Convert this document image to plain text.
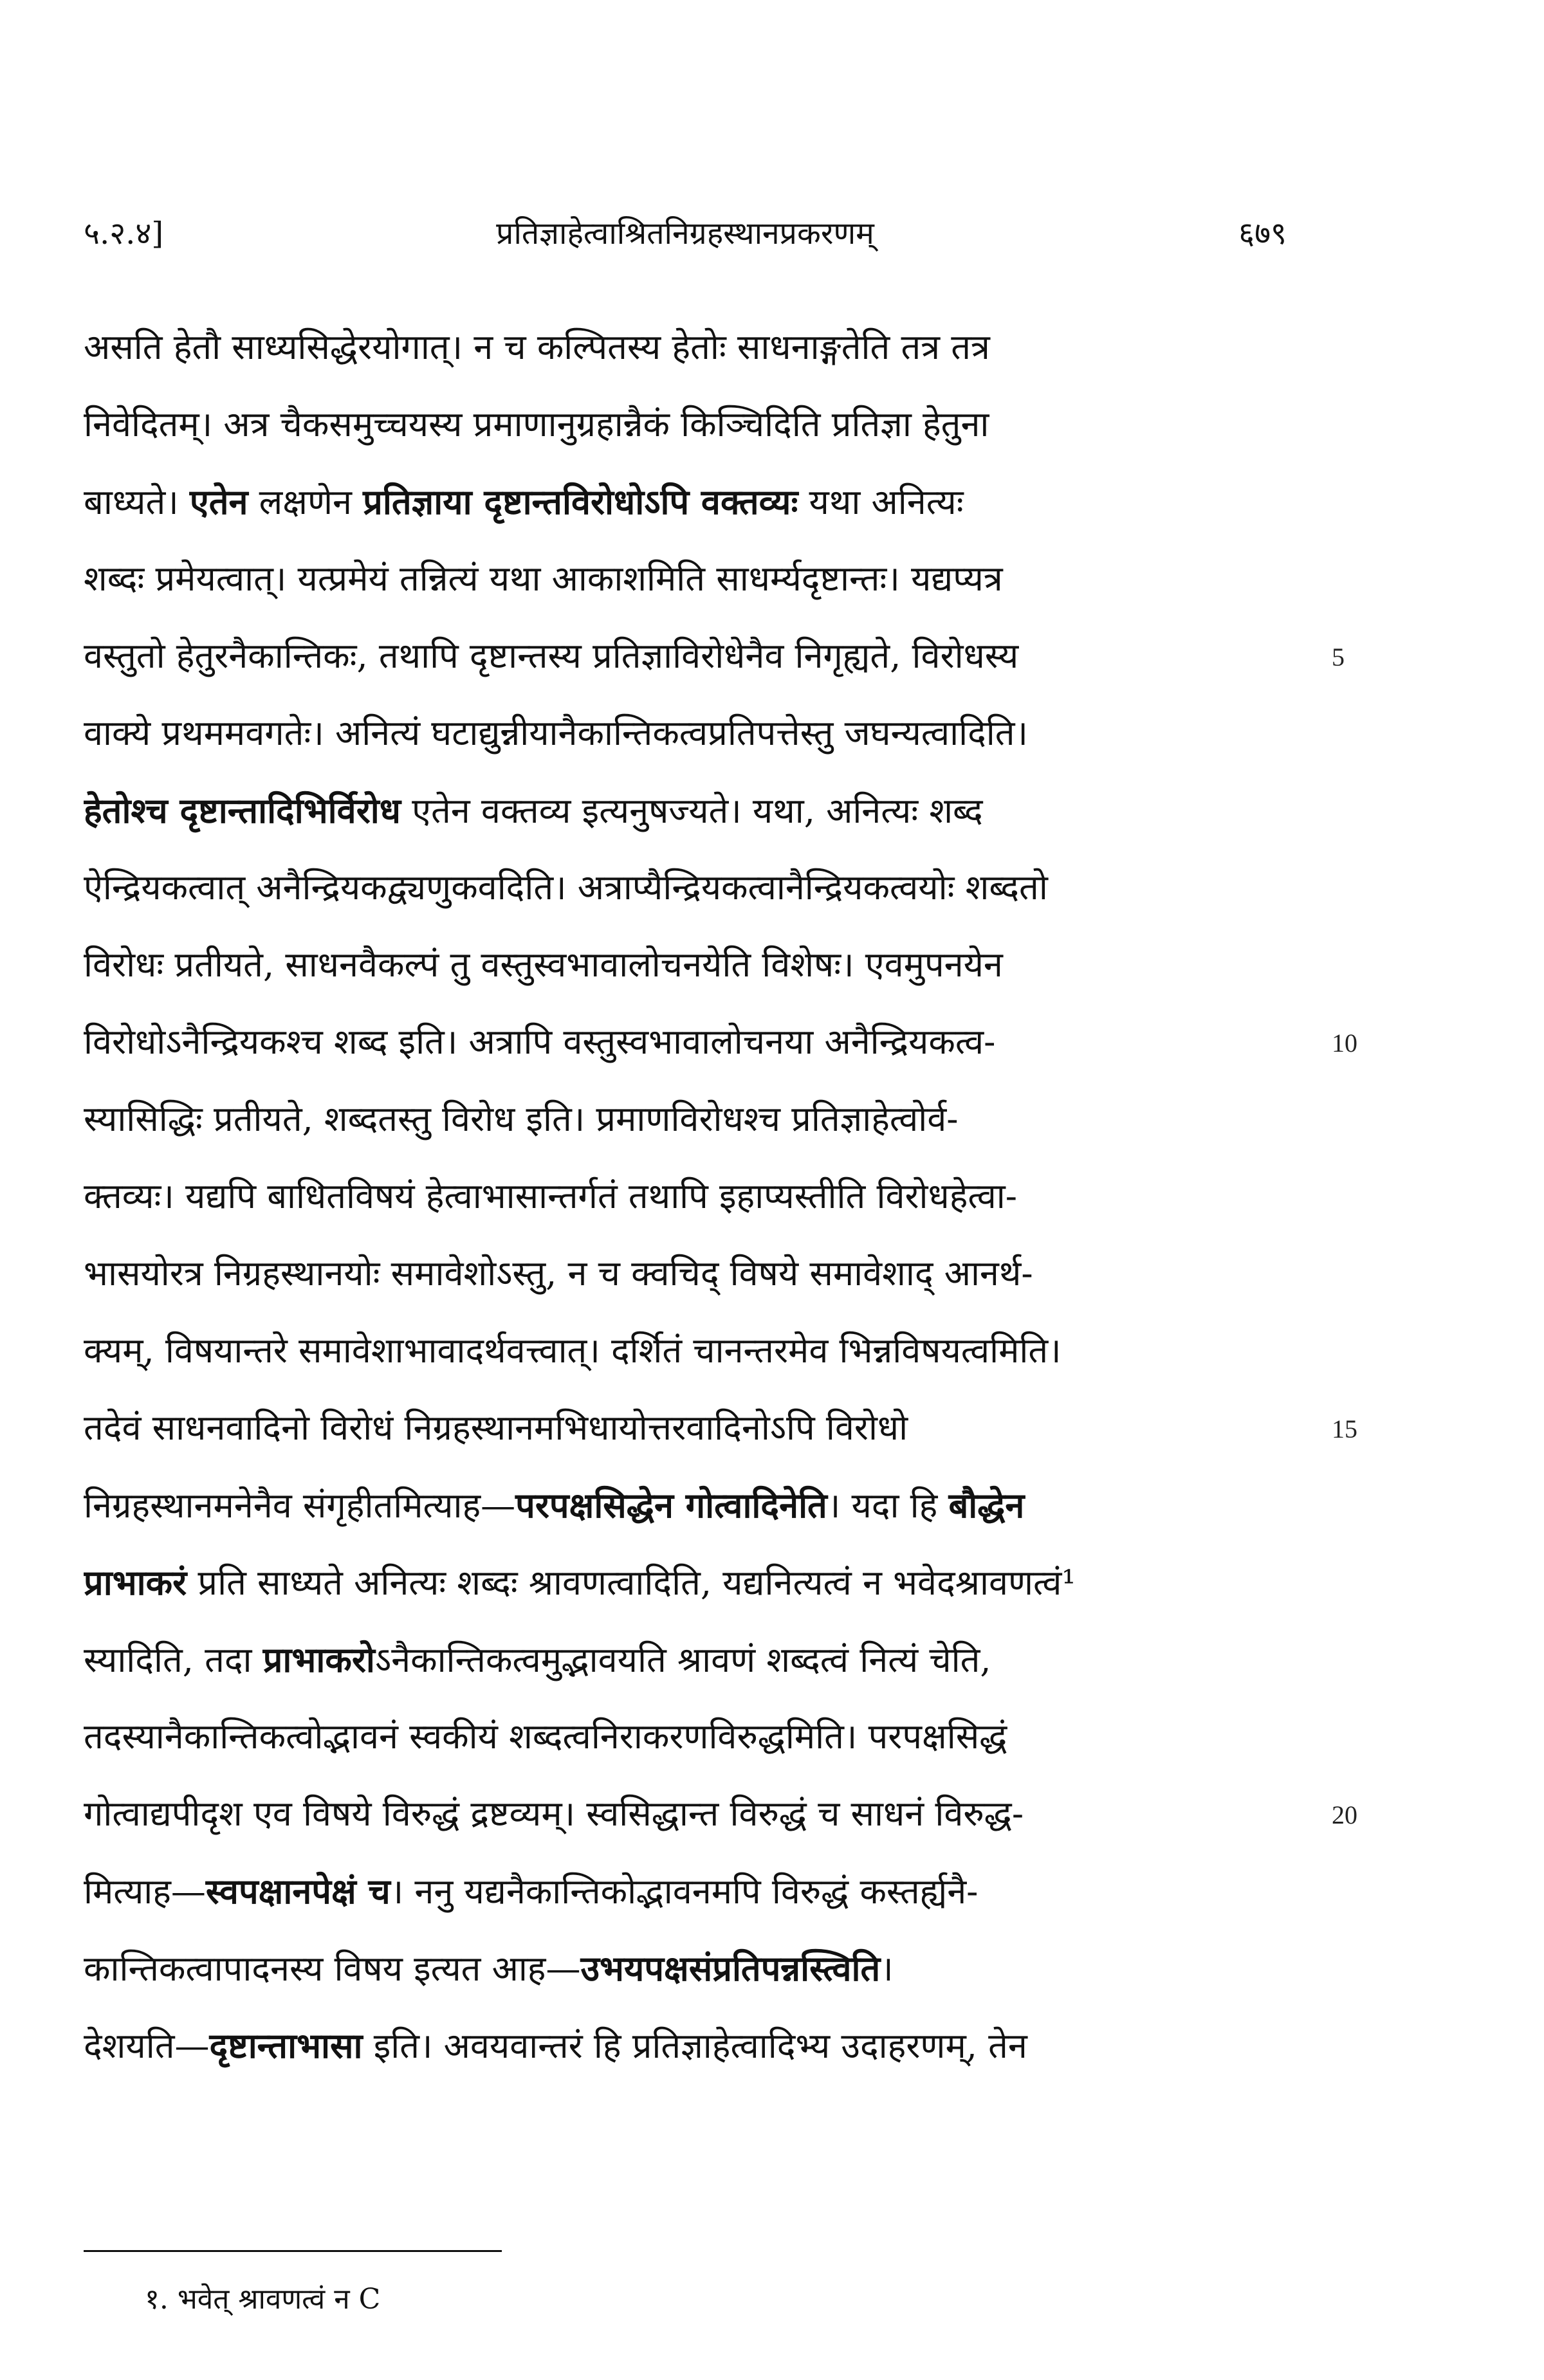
५.२.४]	प्रतिज्ञाहेत्वाश्रितनिग्रहस्थानप्रकरणम्	६७९
असति हेतौ साध्यसिद्धेरयोगात्। न च कल्पितस्य हेतोः साधनाङ्गतेति तत्र तत्र
निवेदितम्। अत्र चैकसमुच्चयस्य प्रमाणानुग्रहान्नैकं किञ्चिदिति प्रतिज्ञा हेतुना
बाध्यते। एतेन लक्षणेन प्रतिज्ञाया दृष्टान्तविरोधोऽपि वक्तव्यः यथा अनित्यः
शब्दः प्रमेयत्वात्। यत्प्रमेयं तन्नित्यं यथा आकाशमिति साधर्म्यदृष्टान्तः। यद्यप्यत्र
वस्तुतो हेतुरनैकान्तिकः, तथापि दृष्टान्तस्य प्रतिज्ञाविरोधेनैव निगृह्यते, विरोधस्य
वाक्ये प्रथममवगतेः। अनित्यं घटाद्युन्नीयानैकान्तिकत्वप्रतिपत्तेस्तु जघन्यत्वादिति।
हेतोश्च दृष्टान्तादिभिर्विरोध एतेन वक्तव्य इत्यनुषज्यते। यथा, अनित्यः शब्द
ऐन्द्रियकत्वात् अनैन्द्रियकद्व्यणुकवदिति। अत्राप्यैन्द्रियकत्वानैन्द्रियकत्वयोः शब्दतो
विरोधः प्रतीयते, साधनवैकल्पं तु वस्तुस्वभावालोचनयेति विशेषः। एवमुपनयेन
विरोधोऽनैन्द्रियकश्च शब्द इति। अत्रापि वस्तुस्वभावालोचनया अनैन्द्रियकत्व-
स्यासिद्धिः प्रतीयते, शब्दतस्तु विरोध इति। प्रमाणविरोधश्च प्रतिज्ञाहेत्वोर्व-
क्तव्यः। यद्यपि बाधितविषयं हेत्वाभासान्तर्गतं तथापि इहाप्यस्तीति विरोधहेत्वा-
भासयोरत्र निग्रहस्थानयोः समावेशोऽस्तु, न च क्वचिद् विषये समावेशाद् आनर्थ-
क्यम्, विषयान्तरे समावेशाभावादर्थवत्त्वात्। दर्शितं चानन्तरमेव भिन्नविषयत्वमिति।
तदेवं साधनवादिनो विरोधं निग्रहस्थानमभिधायोत्तरवादिनोऽपि विरोधो
निग्रहस्थानमनेनैव संगृहीतमित्याह—परपक्षसिद्धेन गोत्वादिनेति। यदा हि बौद्धेन
प्राभाकरं प्रति साध्यते अनित्यः शब्दः श्रावणत्वादिति, यद्यनित्यत्वं न भवेदश्रावणत्वं¹
स्यादिति, तदा प्राभाकरोऽनैकान्तिकत्वमुद्भावयति श्रावणं शब्दत्वं नित्यं चेति,
तदस्यानैकान्तिकत्वोद्भावनं स्वकीयं शब्दत्वनिराकरणविरुद्धमिति। परपक्षसिद्धं
गोत्वाद्यपीदृश एव विषये विरुद्धं द्रष्टव्यम्। स्वसिद्धान्त विरुद्धं च साधनं विरुद्ध-
मित्याह—स्वपक्षानपेक्षं च। ननु यद्यनैकान्तिकोद्भावनमपि विरुद्धं कस्तर्ह्यनै-
कान्तिकत्वापादनस्य विषय इत्यत आह—उभयपक्षसंप्रतिपन्नस्त्विति।
देशयति—दृष्टान्ताभासा इति। अवयवान्तरं हि प्रतिज्ञाहेत्वादिभ्य उदाहरणम्, तेन
5
10
15
20
१. भवेत् श्रावणत्वं न C
